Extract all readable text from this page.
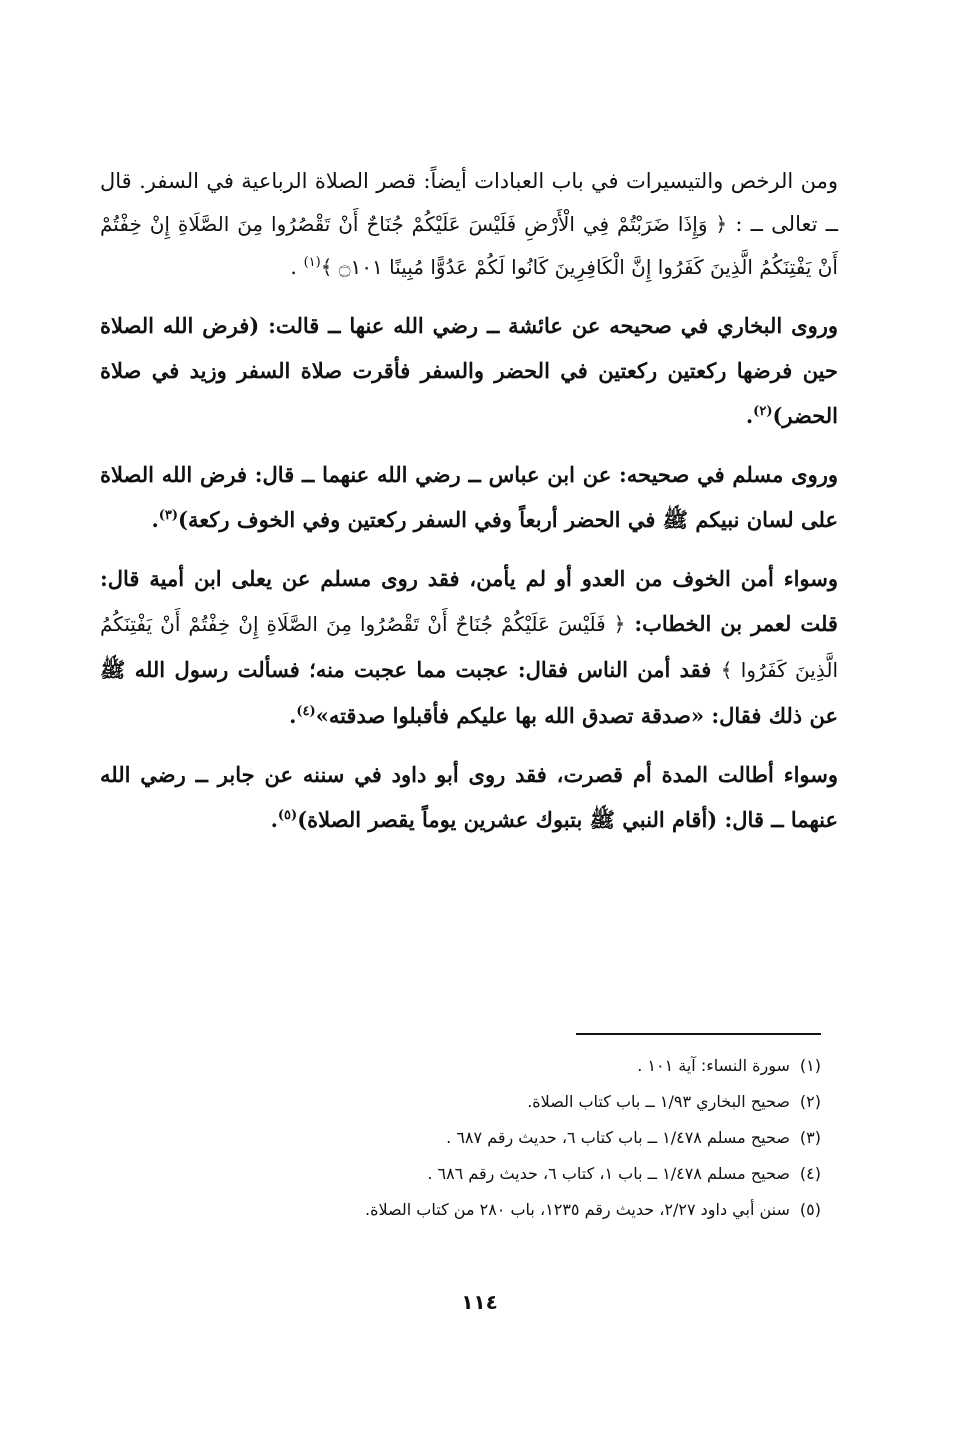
ومن الرخص والتيسيرات في باب العبادات أيضاً: قصر الصلاة الرباعية في السفر. قال ــ تعالى ــ : ﴿ وَإِذَا ضَرَبْتُمْ فِي الْأَرْضِ فَلَيْسَ عَلَيْكُمْ جُنَاحٌ أَنْ تَقْصُرُوا مِنَ الصَّلَاةِ إِنْ خِفْتُمْ أَنْ يَفْتِنَكُمُ الَّذِينَ كَفَرُوا إِنَّ الْكَافِرِينَ كَانُوا لَكُمْ عَدُوًّا مُبِينًا ۝١٠١ ﴾$^{(١)}$ .

وروى البخاري في صحيحه عن عائشة ــ رضي الله عنها ــ قالت: (فرض الله الصلاة حين فرضها ركعتين ركعتين في الحضر والسفر فأقرت صلاة السفر وزيد في صلاة الحضر)$^{(٢)}$.

وروى مسلم في صحيحه: عن ابن عباس ــ رضي الله عنهما ــ قال: فرض الله الصلاة على لسان نبيكم ﷺ في الحضر أربعاً وفي السفر ركعتين وفي الخوف ركعة)$^{(٣)}$.

وسواء أمن الخوف من العدو أو لم يأمن، فقد روى مسلم عن يعلى ابن أمية قال: قلت لعمر بن الخطاب: ﴿ فَلَيْسَ عَلَيْكُمْ جُنَاحٌ أَنْ تَقْصُرُوا مِنَ الصَّلَاةِ إِنْ خِفْتُمْ أَنْ يَفْتِنَكُمُ الَّذِينَ كَفَرُوا ﴾ فقد أمن الناس فقال: عجبت مما عجبت منه؛ فسألت رسول الله ﷺ عن ذلك فقال: «صدقة تصدق الله بها عليكم فأقبلوا صدقته»$^{(٤)}$.

وسواء أطالت المدة أم قصرت، فقد روى أبو داود في سننه عن جابر ــ رضي الله عنهما ــ قال: (أقام النبي ﷺ بتبوك عشرين يوماً يقصر الصلاة)$^{(٥)}$.

(١)سورة النساء: آية ١٠١ .
(٢)صحيح البخاري ١/٩٣ ــ باب كتاب الصلاة.
(٣)صحيح مسلم ١/٤٧٨ ــ باب كتاب ٦، حديث رقم ٦٨٧ .
(٤)صحيح مسلم ١/٤٧٨ ــ باب ١، كتاب ٦، حديث رقم ٦٨٦ .
(٥)سنن أبي داود ٢/٢٧، حديث رقم ١٢٣٥، باب ٢٨٠ من كتاب الصلاة.
١١٤
